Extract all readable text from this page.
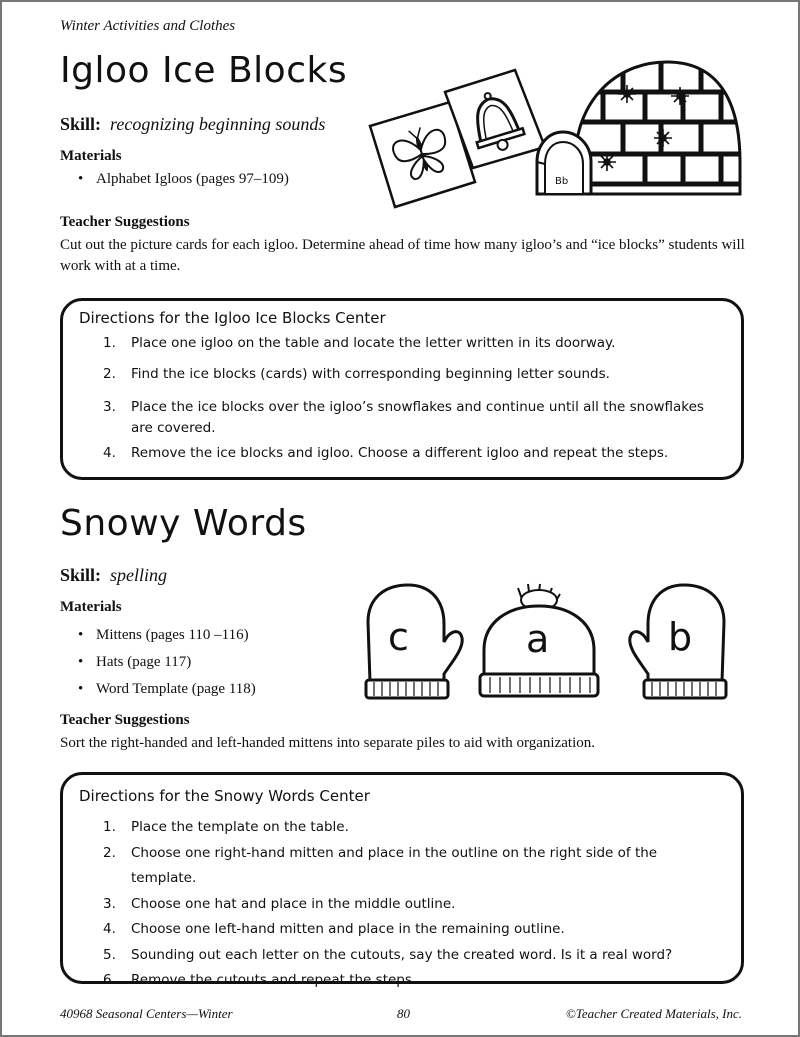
Winter Activities and Clothes
Igloo Ice Blocks
Skill: recognizing beginning sounds
Materials
• Alphabet Igloos (pages 97–109)
Teacher Suggestions
Cut out the picture cards for each igloo. Determine ahead of time how many igloo’s and “ice blocks” students will work with at a time.
Bb
Directions for the Igloo Ice Blocks Center
1. Place one igloo on the table and locate the letter written in its doorway.
2. Find the ice blocks (cards) with corresponding beginning letter sounds.
3. Place the ice blocks over the igloo’s snowflakes and continue until all the snowflakes are covered.
4. Remove the ice blocks and igloo. Choose a different igloo and repeat the steps.
Snowy Words
Skill: spelling
Materials
• Mittens (pages 110 –116)
• Hats (page 117)
• Word Template (page 118)
Teacher Suggestions
Sort the right-handed and left-handed mittens into separate piles to aid with organization.
c	a	b
Directions for the Snowy Words Center
1. Place the template on the table.
2. Choose one right-hand mitten and place in the outline on the right side of the template.
3. Choose one hat and place in the middle outline.
4. Choose one left-hand mitten and place in the remaining outline.
5. Sounding out each letter on the cutouts, say the created word. Is it a real word?
6. Remove the cutouts and repeat the steps.
40968 Seasonal Centers—Winter	80	©Teacher Created Materials, Inc.
